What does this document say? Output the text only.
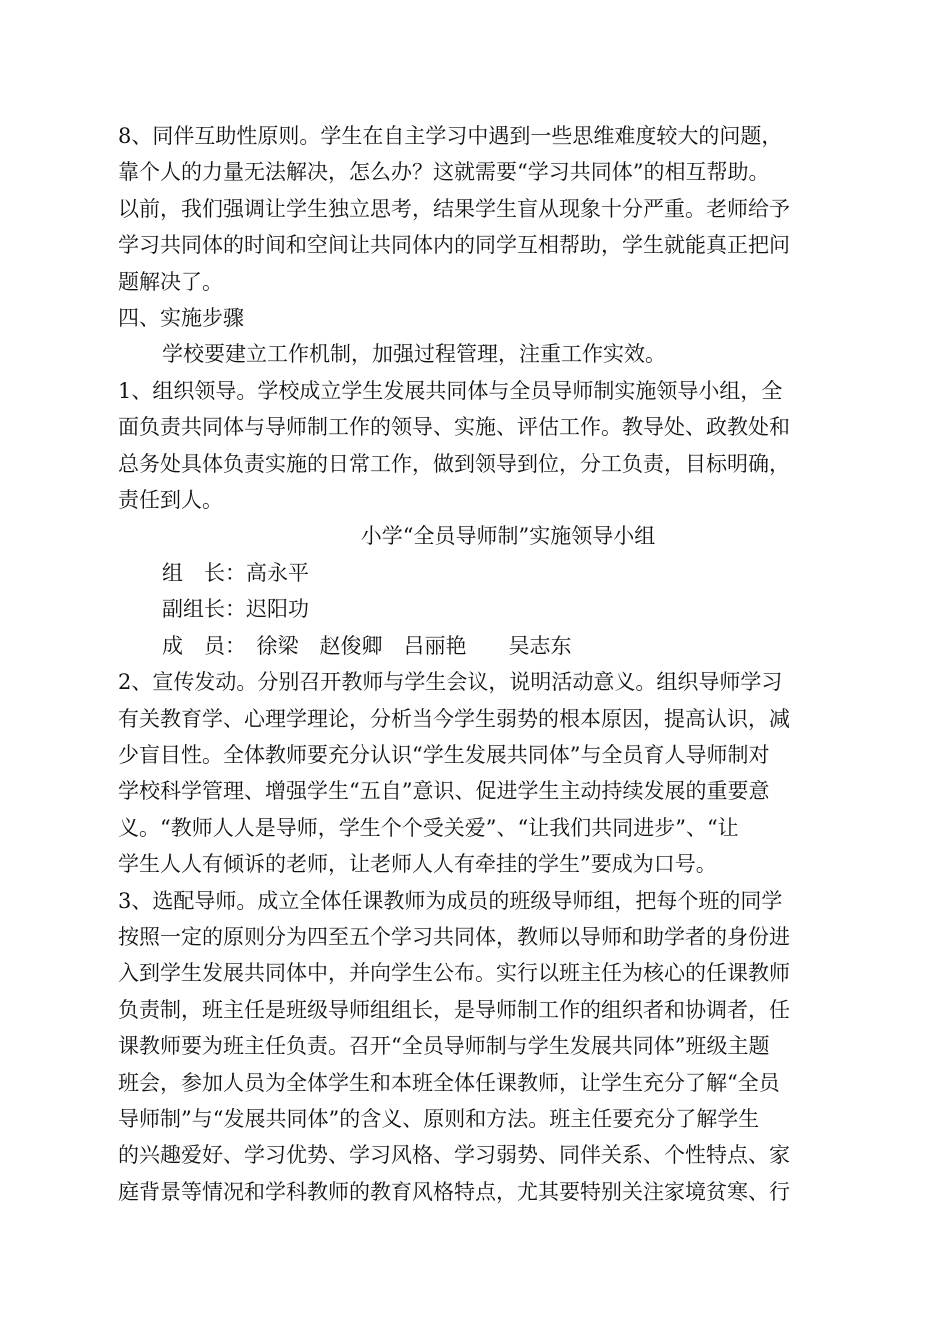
8、同伴互助性原则。学生在自主学习中遇到一些思维难度较大的问题，

靠个人的力量无法解决，怎么办？这就需要“学习共同体”的相互帮助。

以前，我们强调让学生独立思考，结果学生盲从现象十分严重。老师给予

学习共同体的时间和空间让共同体内的同学互相帮助，学生就能真正把问

题解决了。

四、实施步骤

学校要建立工作机制，加强过程管理，注重工作实效。

1、组织领导。学校成立学生发展共同体与全员导师制实施领导小组，全

面负责共同体与导师制工作的领导、实施、评估工作。教导处、政教处和

总务处具体负责实施的日常工作，做到领导到位，分工负责，目标明确，

责任到人。

小学“全员导师制”实施领导小组

组　长：高永平

副组长：迟阳功

成　员：　徐梁　赵俊卿　吕丽艳　　吴志东

2、宣传发动。分别召开教师与学生会议，说明活动意义。组织导师学习

有关教育学、心理学理论，分析当今学生弱势的根本原因，提高认识，减

少盲目性。全体教师要充分认识“学生发展共同体”与全员育人导师制对

学校科学管理、增强学生“五自”意识、促进学生主动持续发展的重要意

义。“教师人人是导师，学生个个受关爱”、“让我们共同进步”、“让

学生人人有倾诉的老师，让老师人人有牵挂的学生”要成为口号。

3、选配导师。成立全体任课教师为成员的班级导师组，把每个班的同学

按照一定的原则分为四至五个学习共同体，教师以导师和助学者的身份进

入到学生发展共同体中，并向学生公布。实行以班主任为核心的任课教师

负责制，班主任是班级导师组组长，是导师制工作的组织者和协调者，任

课教师要为班主任负责。召开“全员导师制与学生发展共同体”班级主题

班会，参加人员为全体学生和本班全体任课教师，让学生充分了解“全员

导师制”与“发展共同体”的含义、原则和方法。班主任要充分了解学生

的兴趣爱好、学习优势、学习风格、学习弱势、同伴关系、个性特点、家

庭背景等情况和学科教师的教育风格特点，尤其要特别关注家境贫寒、行
